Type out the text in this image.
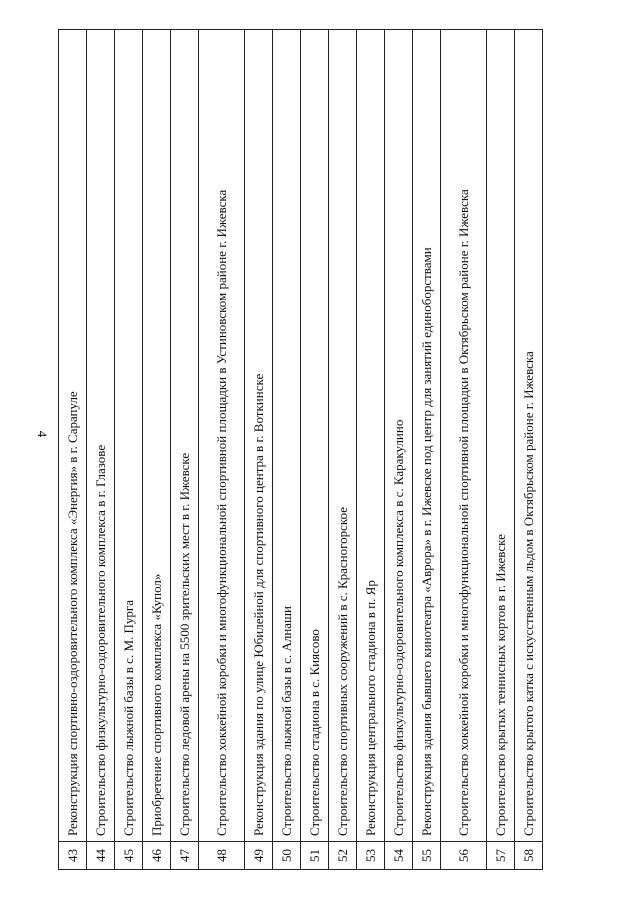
4
43	Реконструкция спортивно-оздоровительного комплекса «Энергия» в г. Сарапуле
44	Строительство физкультурно-оздоровительного комплекса в г. Глазове
45	Строительство лыжной базы в с. М. Пурга
46	Приобретение спортивного комплекса «Купол»
47	Строительство ледовой арены на 5500 зрительских мест в г. Ижевске
48	Строительство хоккейной коробки и многофункциональной спортивной площадки в Устиновском районе г. Ижевска
49	Реконструкция здания по улице Юбилейной для спортивного центра в г. Воткинске
50	Строительство лыжной базы в с. Алнаши
51	Строительство стадиона в с. Киясово
52	Строительство спортивных сооружений в с. Красногорское
53	Реконструкция центрального стадиона в п. Яр
54	Строительство физкультурно-оздоровительного комплекса в с. Каракулино
55	Реконструкция здания бывшего кинотеатра «Аврора» в г. Ижевске под центр для занятий единоборствами
56	Строительство хоккейной коробки и многофункциональной спортивной площадки в Октябрьском районе г. Ижевска
57	Строительство крытых теннисных кортов в г. Ижевске
58	Строительство крытого катка с искусственным льдом в Октябрьском районе г. Ижевска
